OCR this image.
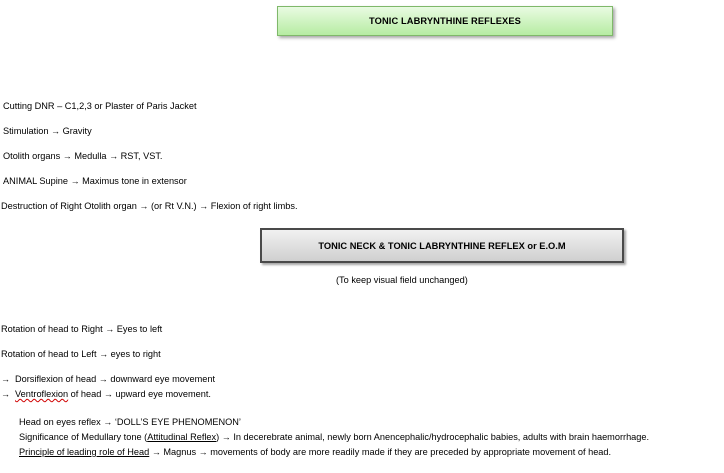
TONIC LABRYNTHINE REFLEXES
Cutting DNR – C1,2,3 or Plaster of Paris Jacket
Stimulation → Gravity
Otolith organs → Medulla → RST, VST.
ANIMAL Supine → Maximus tone in extensor
Destruction of Right Otolith organ → (or Rt V.N.) → Flexion of right limbs.
TONIC NECK & TONIC LABRYNTHINE REFLEX or E.O.M
(To keep visual field unchanged)
Rotation of head to Right → Eyes to left
Rotation of head to Left → eyes to right
→ Dorsiflexion of head → downward eye movement
→ Ventroflexion of head → upward eye movement.
Head on eyes reflex → ‘DOLL’S EYE PHENOMENON’
Significance of Medullary tone (Attitudinal Reflex) → In decerebrate animal, newly born Anencephalic/hydrocephalic babies, adults with brain haemorrhage.
Principle of leading role of Head → Magnus → movements of body are more readily made if they are preceded by appropriate movement of head.
